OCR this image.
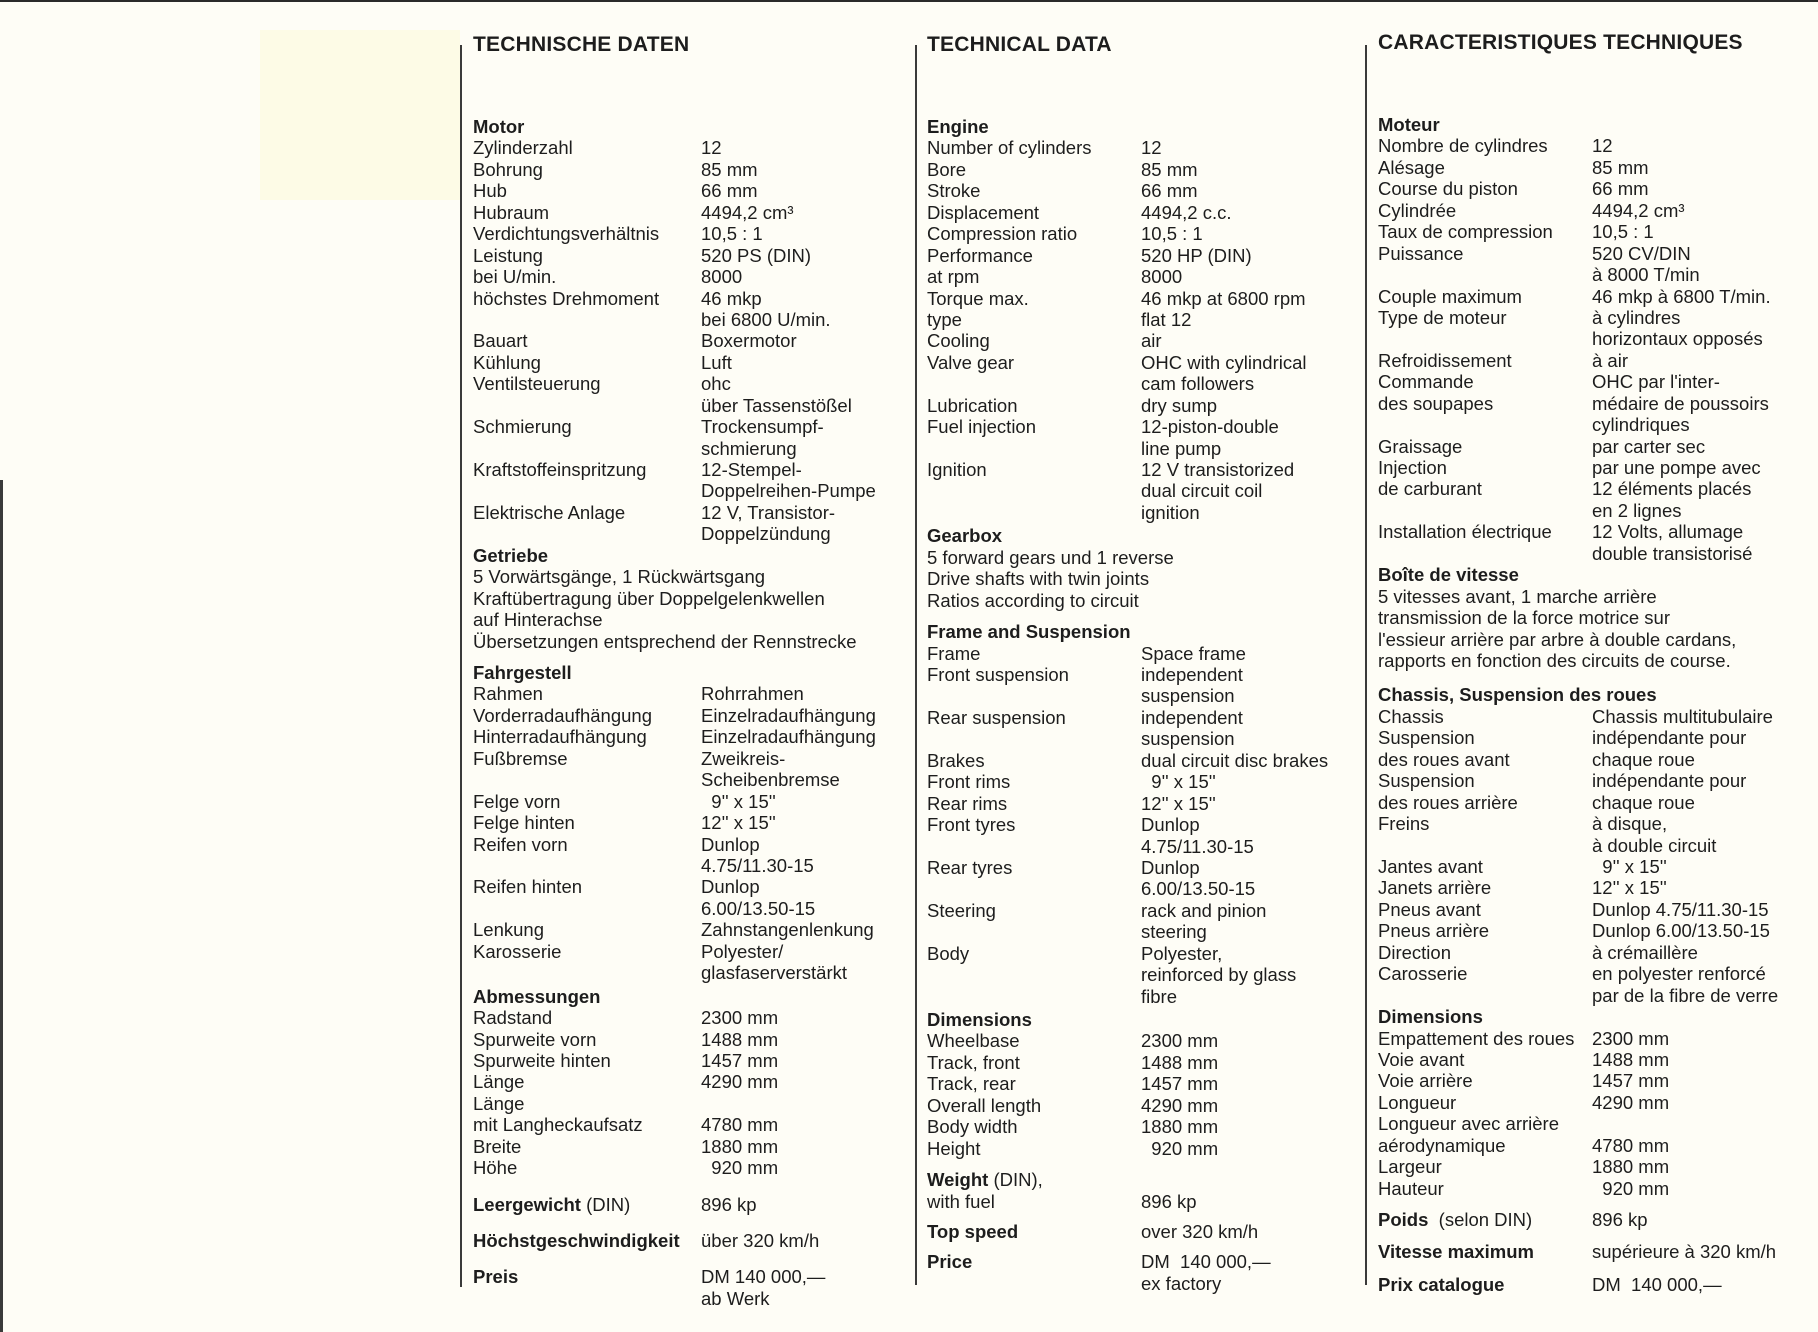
TECHNISCHE DATEN
Motor
Zylinderzahl	12
Bohrung	85 mm
Hub	66 mm
Hubraum	4494,2 cm³
Verdichtungsverhältnis 10,5 : 1
Leistung	520 PS (DIN)
bei U/min.	8000
höchstes Drehmoment 46 mkp
bei 6800 U/min.
Bauart	Boxermotor
Kühlung	Luft
Ventilsteuerung	ohc
über Tassenstößel
Schmierung	Trockensumpf-
schmierung
Kraftstoffeinspritzung	12-Stempel-
Doppelreihen-Pumpe
Elektrische Anlage	12 V, Transistor-
Doppelzündung
Getriebe
5 Vorwärtsgänge, 1 Rückwärtsgang
Kraftübertragung über Doppelgelenkwellen
auf Hinterachse
Übersetzungen entsprechend der Rennstrecke
Fahrgestell
Rahmen	Rohrrahmen
Vorderradaufhängung	Einzelradaufhängung
Hinterradaufhängung	Einzelradaufhängung
Fußbremse	Zweikreis-
Scheibenbremse
Felge vorn	9'' x 15''
Felge hinten	12'' x 15''
Reifen vorn	Dunlop
4.75/11.30-15
Reifen hinten	Dunlop
6.00/13.50-15
Lenkung	Zahnstangenlenkung
Karosserie	Polyester/
glasfaserverstärkt
Abmessungen
Radstand	2300 mm
Spurweite vorn	1488 mm
Spurweite hinten	1457 mm
Länge	4290 mm
Länge
mit Langheckaufsatz	4780 mm
Breite	1880 mm
Höhe	920 mm
Leergewicht (DIN)	896 kp
Höchstgeschwindigkeit über 320 km/h
Preis	DM 140 000,—
ab Werk
TECHNICAL DATA
Engine
Number of cylinders	12
Bore	85 mm
Stroke	66 mm
Displacement	4494,2 c.c.
Compression ratio	10,5 : 1
Performance	520 HP (DIN)
at rpm	8000
Torque max.	46 mkp at 6800 rpm
type	flat 12
Cooling	air
Valve gear	OHC with cylindrical
cam followers
Lubrication	dry sump
Fuel injection	12-piston-double
line pump
Ignition	12 V transistorized
dual circuit coil
ignition
Gearbox
5 forward gears und 1 reverse
Drive shafts with twin joints
Ratios according to circuit
Frame and Suspension
Frame	Space frame
Front suspension	independent
suspension
Rear suspension	independent
suspension
Brakes	dual circuit disc brakes
Front rims	9'' x 15''
Rear rims	12'' x 15''
Front tyres	Dunlop
4.75/11.30-15
Rear tyres	Dunlop
6.00/13.50-15
Steering	rack and pinion
steering
Body	Polyester,
reinforced by glass
fibre
Dimensions
Wheelbase	2300 mm
Track, front	1488 mm
Track, rear	1457 mm
Overall length	4290 mm
Body width	1880 mm
Height	920 mm
Weight (DIN),
with fuel	896 kp
Top speed	over 320 km/h
Price	DM  140 000,—
ex factory
CARACTERISTIQUES TECHNIQUES
Moteur
Nombre de cylindres 12
Alésage	85 mm
Course du piston	66 mm
Cylindrée	4494,2 cm³
Taux de compression 10,5 : 1
Puissance	520 CV/DIN
à 8000 T/min
Couple maximum	46 mkp à 6800 T/min.
Type de moteur	à cylindres
horizontaux opposés
Refroidissement	à air
Commande	OHC par l'inter-
des soupapes	médaire de poussoirs
cylindriques
Graissage	par carter sec
Injection	par une pompe avec
de carburant	12 éléments placés
en 2 lignes
Installation électrique 12 Volts, allumage
double transistorisé
Boîte de vitesse
5 vitesses avant, 1 marche arrière
transmission de la force motrice sur
l'essieur arrière par arbre à double cardans,
rapports en fonction des circuits de course.
Chassis, Suspension des roues
Chassis	Chassis multitubulaire
Suspension	indépendante pour
des roues avant	chaque roue
Suspension	indépendante pour
des roues arrière	chaque roue
Freins	à disque,
à double circuit
Jantes avant	9'' x 15''
Janets arrière	12'' x 15''
Pneus avant	Dunlop 4.75/11.30-15
Pneus arrière	Dunlop 6.00/13.50-15
Direction	à crémaillère
Carosserie	en polyester renforcé
par de la fibre de verre
Dimensions
Empattement des roues 2300 mm
Voie avant	1488 mm
Voie arrière	1457 mm
Longueur	4290 mm
Longueur avec arrière
aérodynamique	4780 mm
Largeur	1880 mm
Hauteur	920 mm
Poids  (selon DIN)	896 kp
Vitesse maximum	supérieure à 320 km/h
Prix catalogue	DM  140 000,—
